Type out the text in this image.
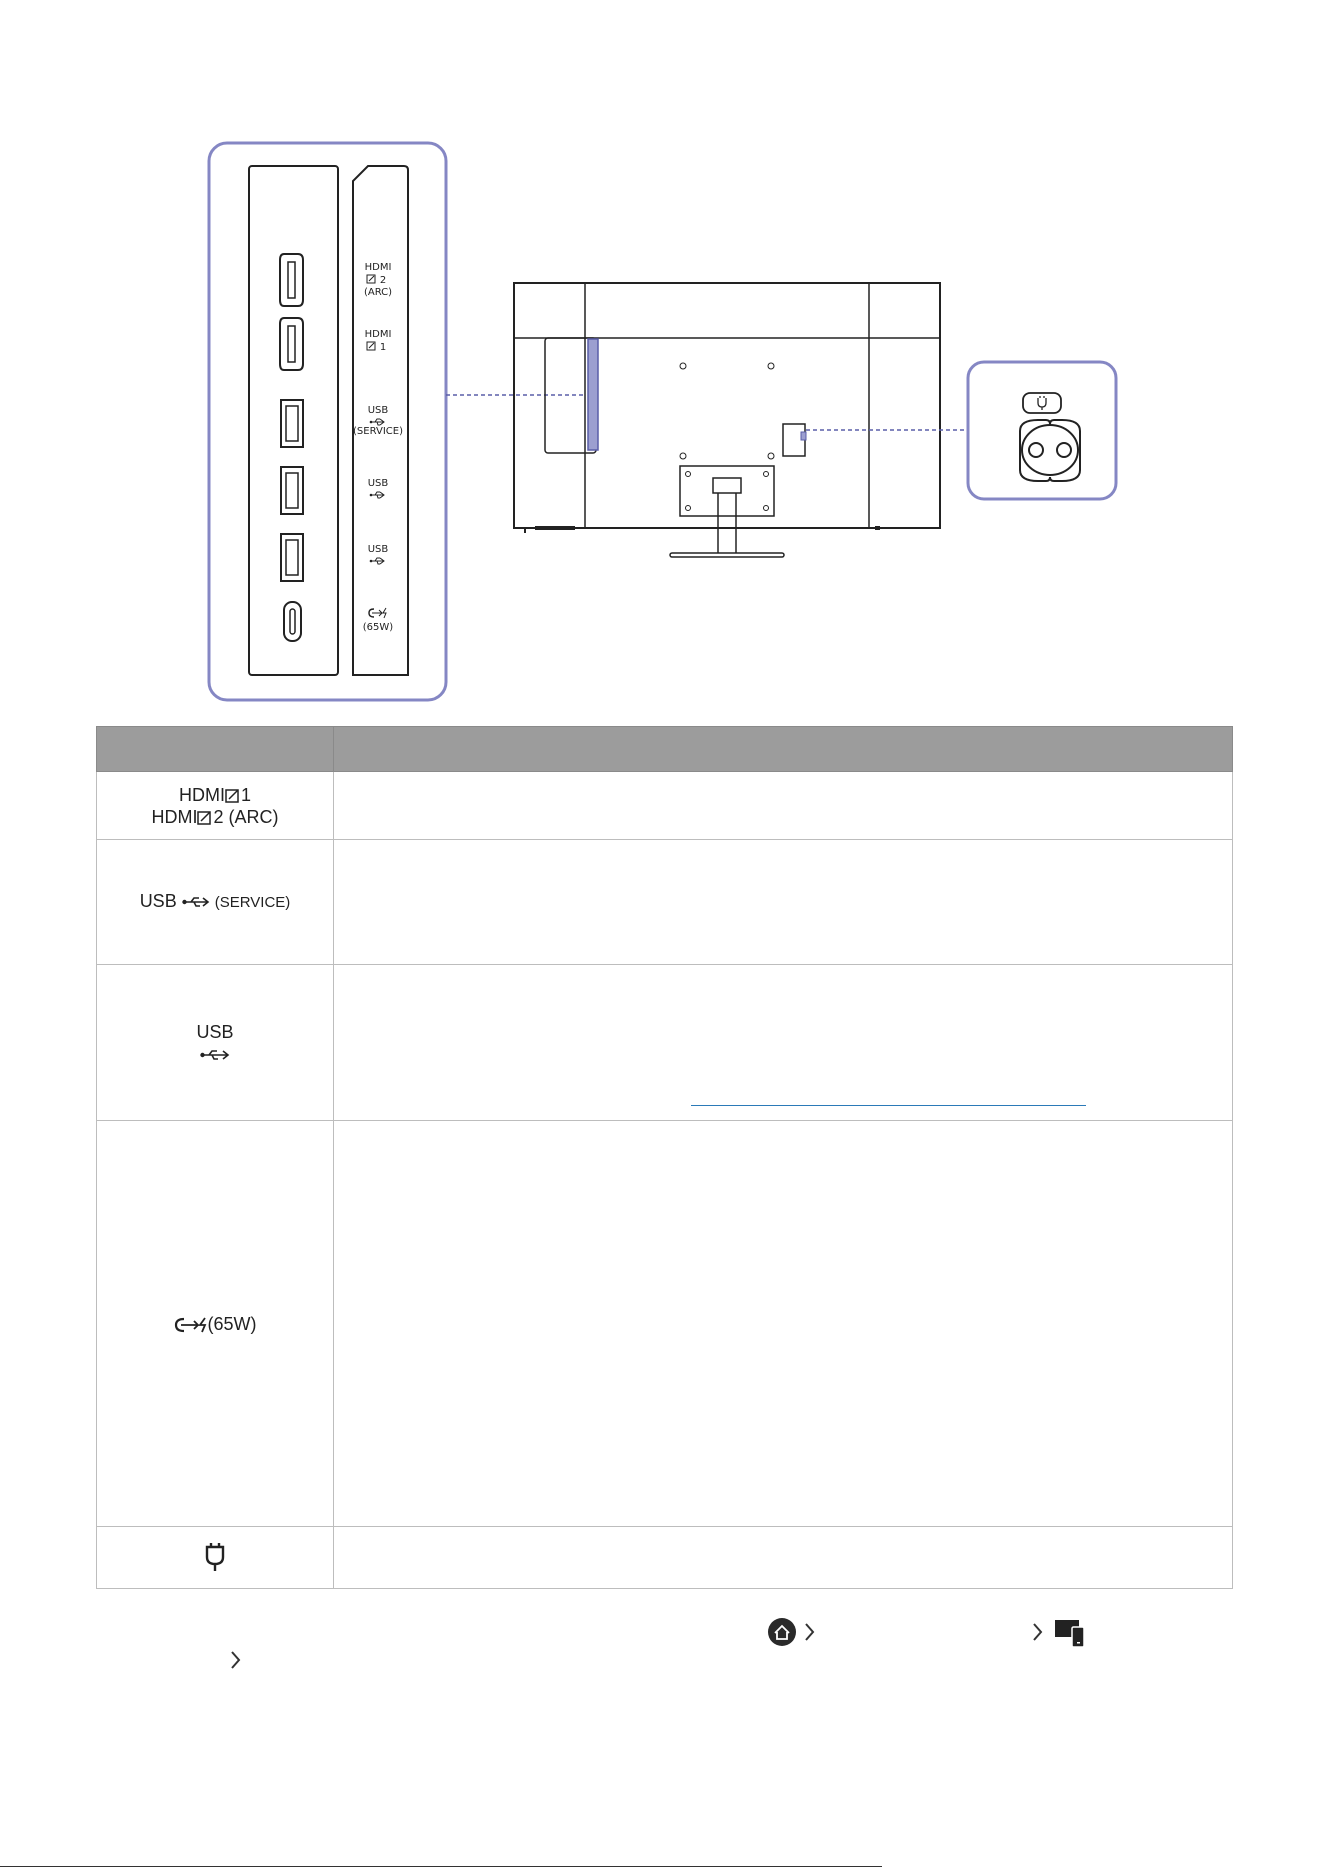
HDMI
2
(ARC)
HDMI
1
USB
(SERVICE)
USB
USB
(65W)

HDMI 1
HDMI 2 (ARC)	

USB (SERVICE)	

USB	

(65W)	
